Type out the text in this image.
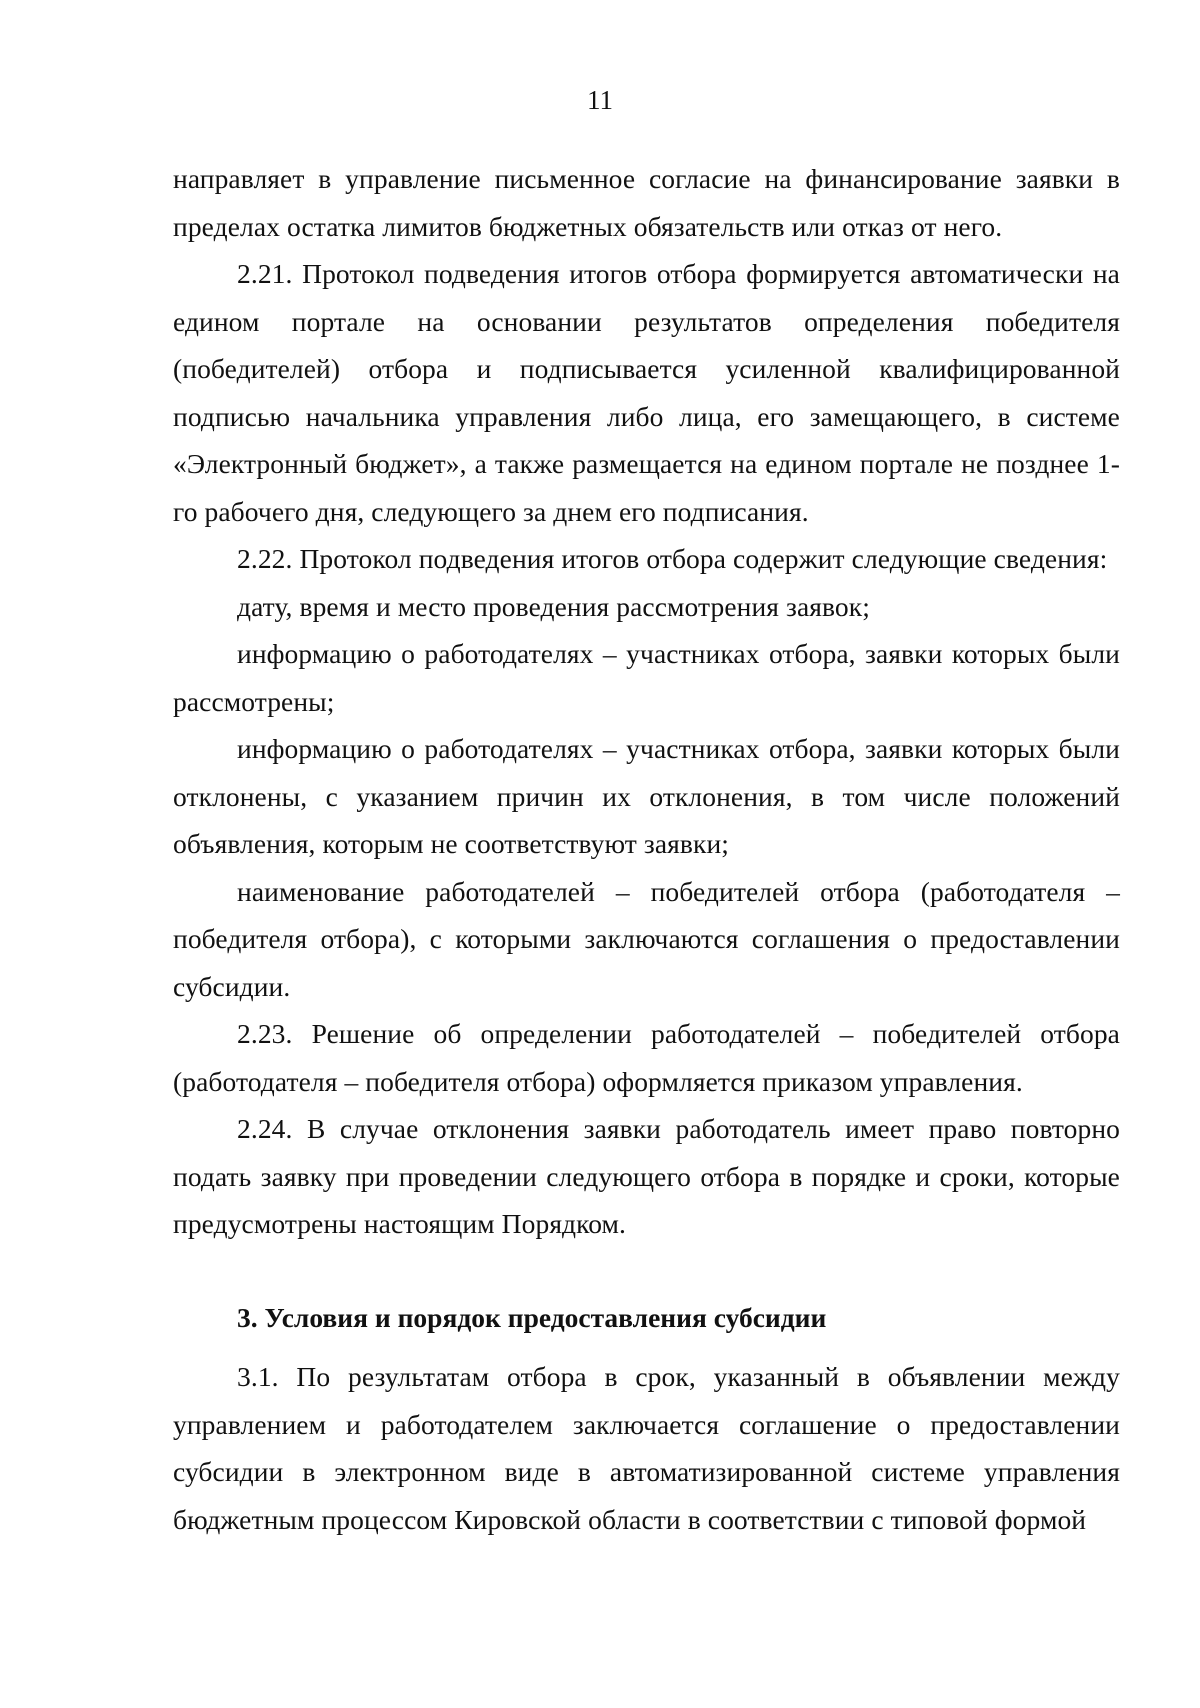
11

направляет в управление письменное согласие на финансирование заявки в пределах остатка лимитов бюджетных обязательств или отказ от него.

2.21. Протокол подведения итогов отбора формируется автоматически на едином портале на основании результатов определения победителя (победителей) отбора и подписывается усиленной квалифицированной подписью начальника управления либо лица, его замещающего, в системе «Электронный бюджет», а также размещается на едином портале не позднее 1-го рабочего дня, следующего за днем его подписания.

2.22. Протокол подведения итогов отбора содержит следующие сведения:

дату, время и место проведения рассмотрения заявок;

информацию о работодателях – участниках отбора, заявки которых были рассмотрены;

информацию о работодателях – участниках отбора, заявки которых были отклонены, с указанием причин их отклонения, в том числе положений объявления, которым не соответствуют заявки;

наименование работодателей – победителей отбора (работодателя – победителя отбора), с которыми заключаются соглашения о предоставлении субсидии.

2.23. Решение об определении работодателей – победителей отбора (работодателя – победителя отбора) оформляется приказом управления.

2.24. В случае отклонения заявки работодатель имеет право повторно подать заявку при проведении следующего отбора в порядке и сроки, которые предусмотрены настоящим Порядком.

3. Условия и порядок предоставления субсидии

3.1. По результатам отбора в срок, указанный в объявлении между управлением и работодателем заключается соглашение о предоставлении субсидии в электронном виде в автоматизированной системе управления бюджетным процессом Кировской области в соответствии с типовой формой
